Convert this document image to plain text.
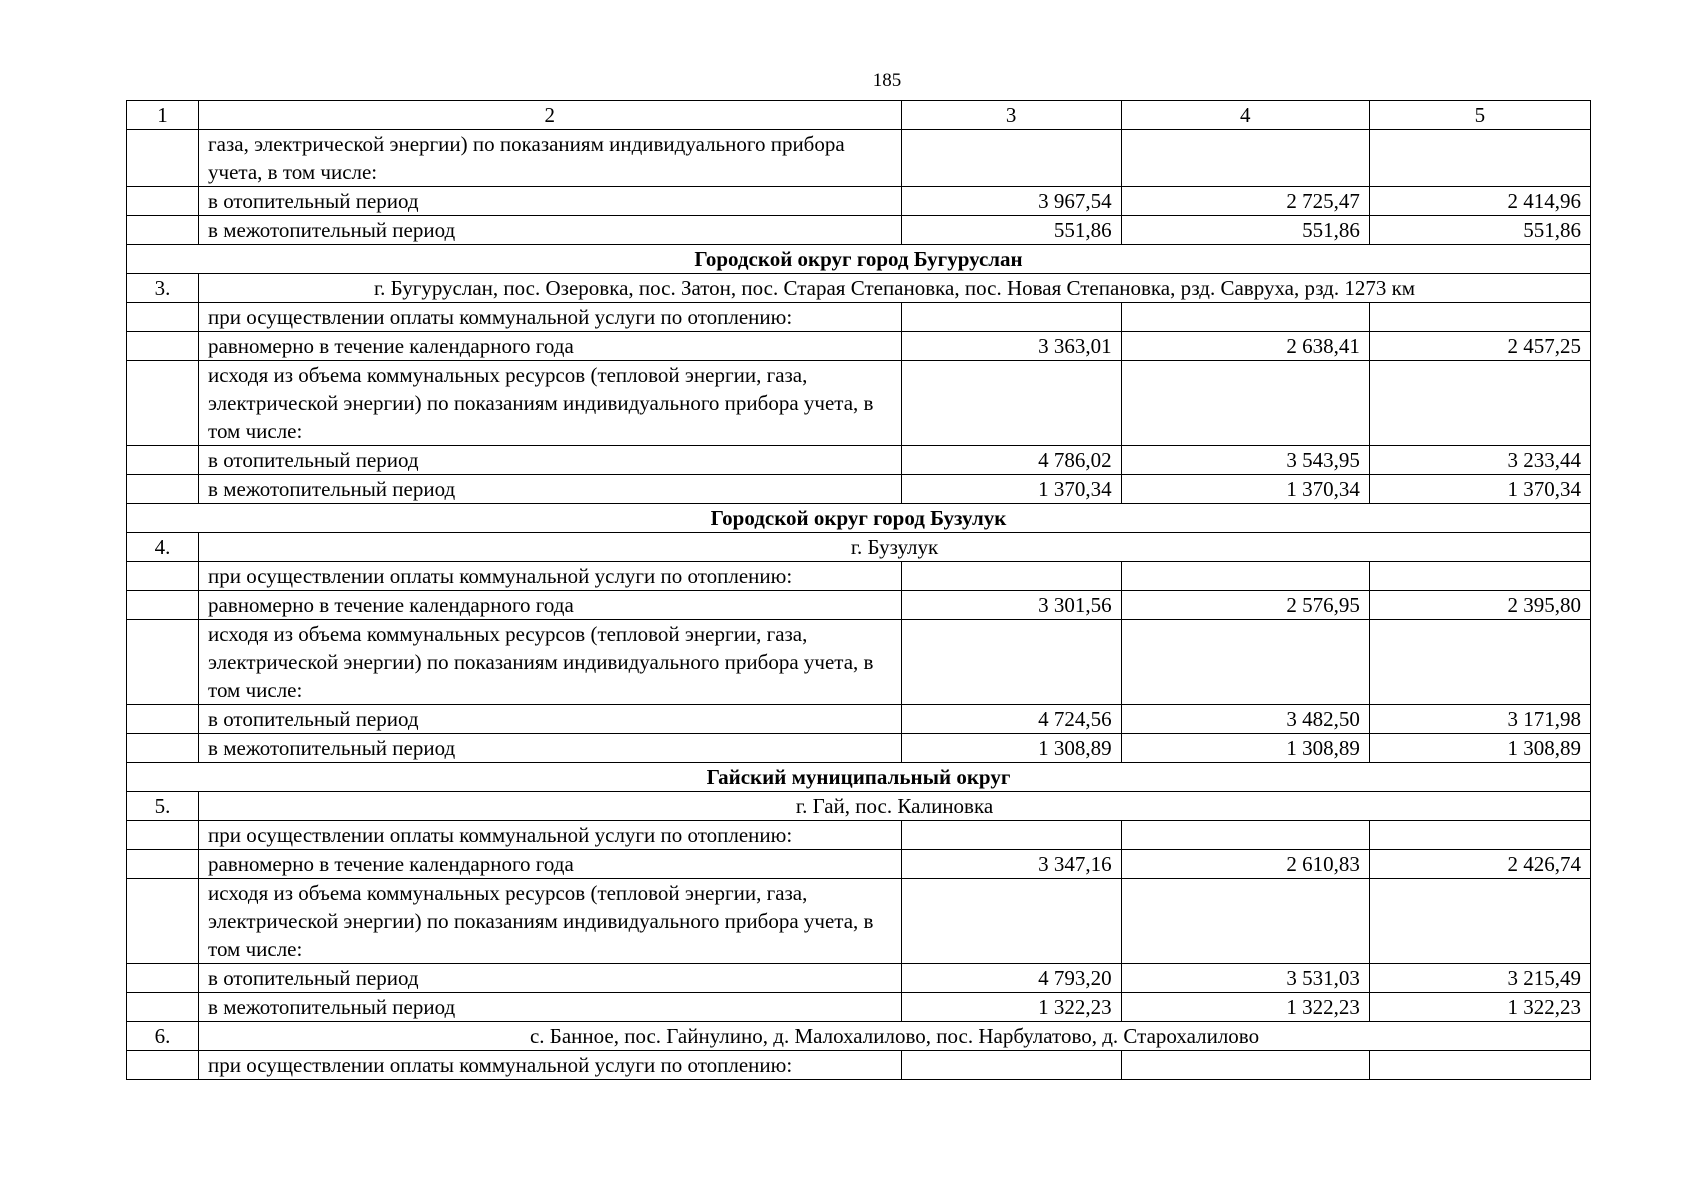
185
1	2	3	4	5
	газа, электрической энергии) по показаниям индивидуального прибора учета, в том числе:			
	в отопительный период	3 967,54	2 725,47	2 414,96
	в межотопительный период	551,86	551,86	551,86
Городской округ город Бугуруслан				
3.	г. Бугуруслан, пос. Озеровка, пос. Затон, пос. Старая Степановка, пос. Новая Степановка, рзд. Савруха, рзд. 1273 км			
	при осуществлении оплаты коммунальной услуги по отоплению:			
	равномерно в течение календарного года	3 363,01	2 638,41	2 457,25
	исходя из объема коммунальных ресурсов (тепловой энергии, газа, электрической энергии) по показаниям индивидуального прибора учета, в том числе:			
	в отопительный период	4 786,02	3 543,95	3 233,44
	в межотопительный период	1 370,34	1 370,34	1 370,34
Городской округ город Бузулук				
4.	г. Бузулук			
	при осуществлении оплаты коммунальной услуги по отоплению:			
	равномерно в течение календарного года	3 301,56	2 576,95	2 395,80
	исходя из объема коммунальных ресурсов (тепловой энергии, газа, электрической энергии) по показаниям индивидуального прибора учета, в том числе:			
	в отопительный период	4 724,56	3 482,50	3 171,98
	в межотопительный период	1 308,89	1 308,89	1 308,89
Гайский муниципальный округ				
5.	г. Гай, пос. Калиновка			
	при осуществлении оплаты коммунальной услуги по отоплению:			
	равномерно в течение календарного года	3 347,16	2 610,83	2 426,74
	исходя из объема коммунальных ресурсов (тепловой энергии, газа, электрической энергии) по показаниям индивидуального прибора учета, в том числе:			
	в отопительный период	4 793,20	3 531,03	3 215,49
	в межотопительный период	1 322,23	1 322,23	1 322,23
6.	с. Банное, пос. Гайнулино, д. Малохалилово, пос. Нарбулатово, д. Старохалилово			
	при осуществлении оплаты коммунальной услуги по отоплению:			
